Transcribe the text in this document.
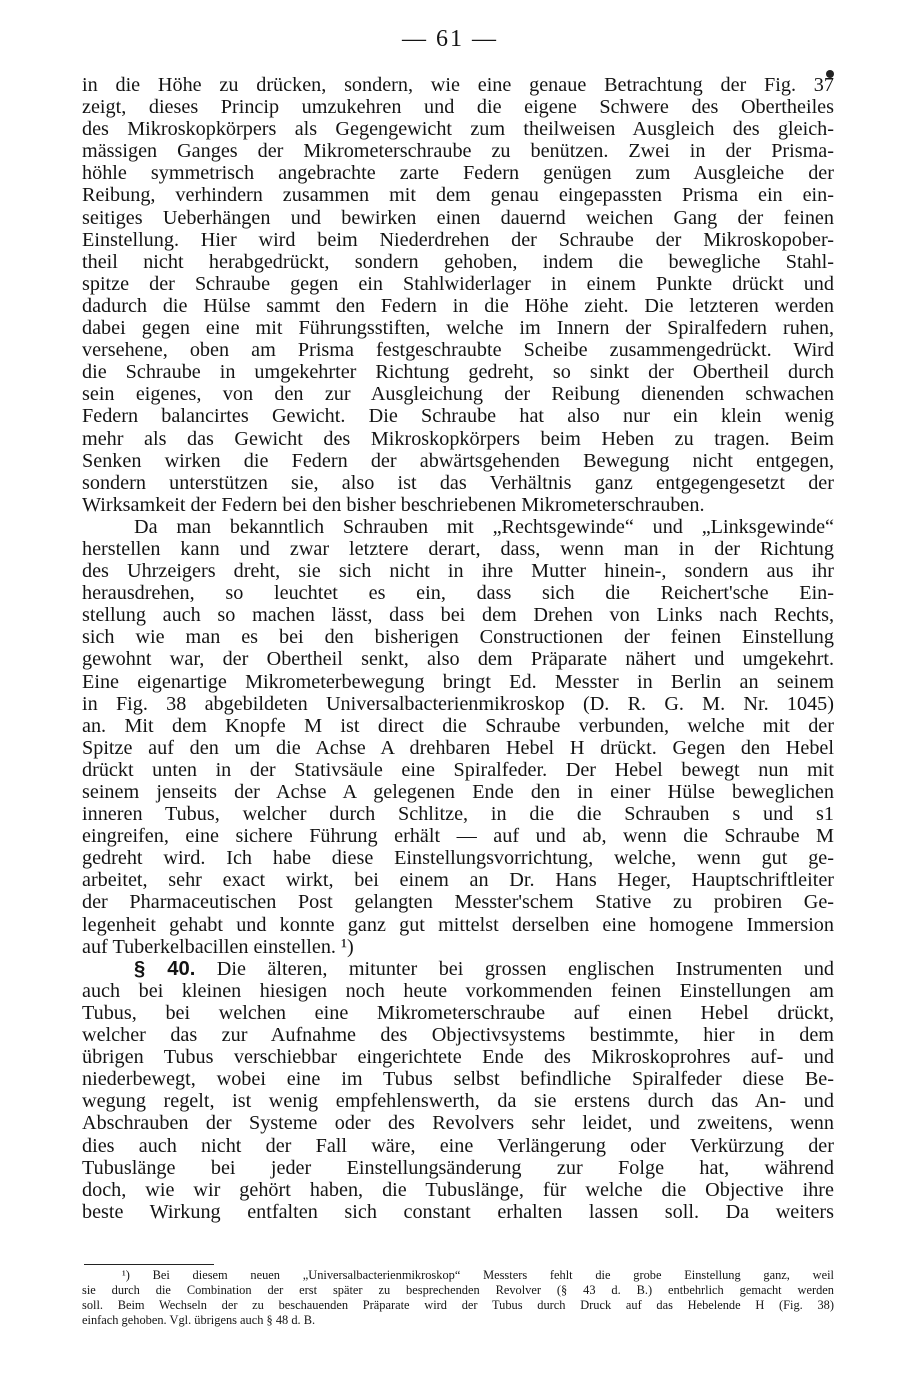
— 61 —
in die Höhe zu drücken, sondern, wie eine genaue Betrachtung der Fig. 37
zeigt, dieses Princip umzukehren und die eigene Schwere des Obertheiles
des Mikroskopkörpers als Gegengewicht zum theilweisen Ausgleich des gleich-
mässigen Ganges der Mikrometerschraube zu benützen. Zwei in der Prisma-
höhle symmetrisch angebrachte zarte Federn genügen zum Ausgleiche der
Reibung, verhindern zusammen mit dem genau eingepassten Prisma ein ein-
seitiges Ueberhängen und bewirken einen dauernd weichen Gang der feinen
Einstellung. Hier wird beim Niederdrehen der Schraube der Mikroskopober-
theil nicht herabgedrückt, sondern gehoben, indem die bewegliche Stahl-
spitze der Schraube gegen ein Stahlwiderlager in einem Punkte drückt und
dadurch die Hülse sammt den Federn in die Höhe zieht. Die letzteren werden
dabei gegen eine mit Führungsstiften, welche im Innern der Spiralfedern ruhen,
versehene, oben am Prisma festgeschraubte Scheibe zusammengedrückt. Wird
die Schraube in umgekehrter Richtung gedreht, so sinkt der Obertheil durch
sein eigenes, von den zur Ausgleichung der Reibung dienenden schwachen
Federn balancirtes Gewicht. Die Schraube hat also nur ein klein wenig
mehr als das Gewicht des Mikroskopkörpers beim Heben zu tragen. Beim
Senken wirken die Federn der abwärtsgehenden Bewegung nicht entgegen,
sondern unterstützen sie, also ist das Verhältnis ganz entgegengesetzt der
Wirksamkeit der Federn bei den bisher beschriebenen Mikrometerschrauben.
Da man bekanntlich Schrauben mit „Rechtsgewinde“ und „Linksgewinde“
herstellen kann und zwar letztere derart, dass, wenn man in der Richtung
des Uhrzeigers dreht, sie sich nicht in ihre Mutter hinein-, sondern aus ihr
herausdrehen, so leuchtet es ein, dass sich die Reichert'sche Ein-
stellung auch so machen lässt, dass bei dem Drehen von Links nach Rechts,
sich wie man es bei den bisherigen Constructionen der feinen Einstellung
gewohnt war, der Obertheil senkt, also dem Präparate nähert und umgekehrt.
Eine eigenartige Mikrometerbewegung bringt Ed. Messter in Berlin an seinem
in Fig. 38 abgebildeten Universalbacterienmikroskop (D. R. G. M. Nr. 1045)
an. Mit dem Knopfe M ist direct die Schraube verbunden, welche mit der
Spitze auf den um die Achse A drehbaren Hebel H drückt. Gegen den Hebel
drückt unten in der Stativsäule eine Spiralfeder. Der Hebel bewegt nun mit
seinem jenseits der Achse A gelegenen Ende den in einer Hülse beweglichen
inneren Tubus, welcher durch Schlitze, in die die Schrauben s und s1
eingreifen, eine sichere Führung erhält — auf und ab, wenn die Schraube M
gedreht wird. Ich habe diese Einstellungsvorrichtung, welche, wenn gut ge-
arbeitet, sehr exact wirkt, bei einem an Dr. Hans Heger, Hauptschriftleiter
der Pharmaceutischen Post gelangten Messter'schem Stative zu probiren Ge-
legenheit gehabt und konnte ganz gut mittelst derselben eine homogene Immersion
auf Tuberkelbacillen einstellen. ¹)
§ 40. Die älteren, mitunter bei grossen englischen Instrumenten und
auch bei kleinen hiesigen noch heute vorkommenden feinen Einstellungen am
Tubus, bei welchen eine Mikrometerschraube auf einen Hebel drückt,
welcher das zur Aufnahme des Objectivsystems bestimmte, hier in dem
übrigen Tubus verschiebbar eingerichtete Ende des Mikroskoprohres auf- und
niederbewegt, wobei eine im Tubus selbst befindliche Spiralfeder diese Be-
wegung regelt, ist wenig empfehlenswerth, da sie erstens durch das An- und
Abschrauben der Systeme oder des Revolvers sehr leidet, und zweitens, wenn
dies auch nicht der Fall wäre, eine Verlängerung oder Verkürzung der
Tubuslänge bei jeder Einstellungsänderung zur Folge hat, während
doch, wie wir gehört haben, die Tubuslänge, für welche die Objective ihre
beste Wirkung entfalten sich constant erhalten lassen soll. Da weiters
¹) Bei diesem neuen „Universalbacterienmikroskop“ Messters fehlt die grobe Einstellung ganz, weil
sie durch die Combination der erst später zu besprechenden Revolver (§ 43 d. B.) entbehrlich gemacht werden
soll. Beim Wechseln der zu beschauenden Präparate wird der Tubus durch Druck auf das Hebelende H (Fig. 38)
einfach gehoben. Vgl. übrigens auch § 48 d. B.
